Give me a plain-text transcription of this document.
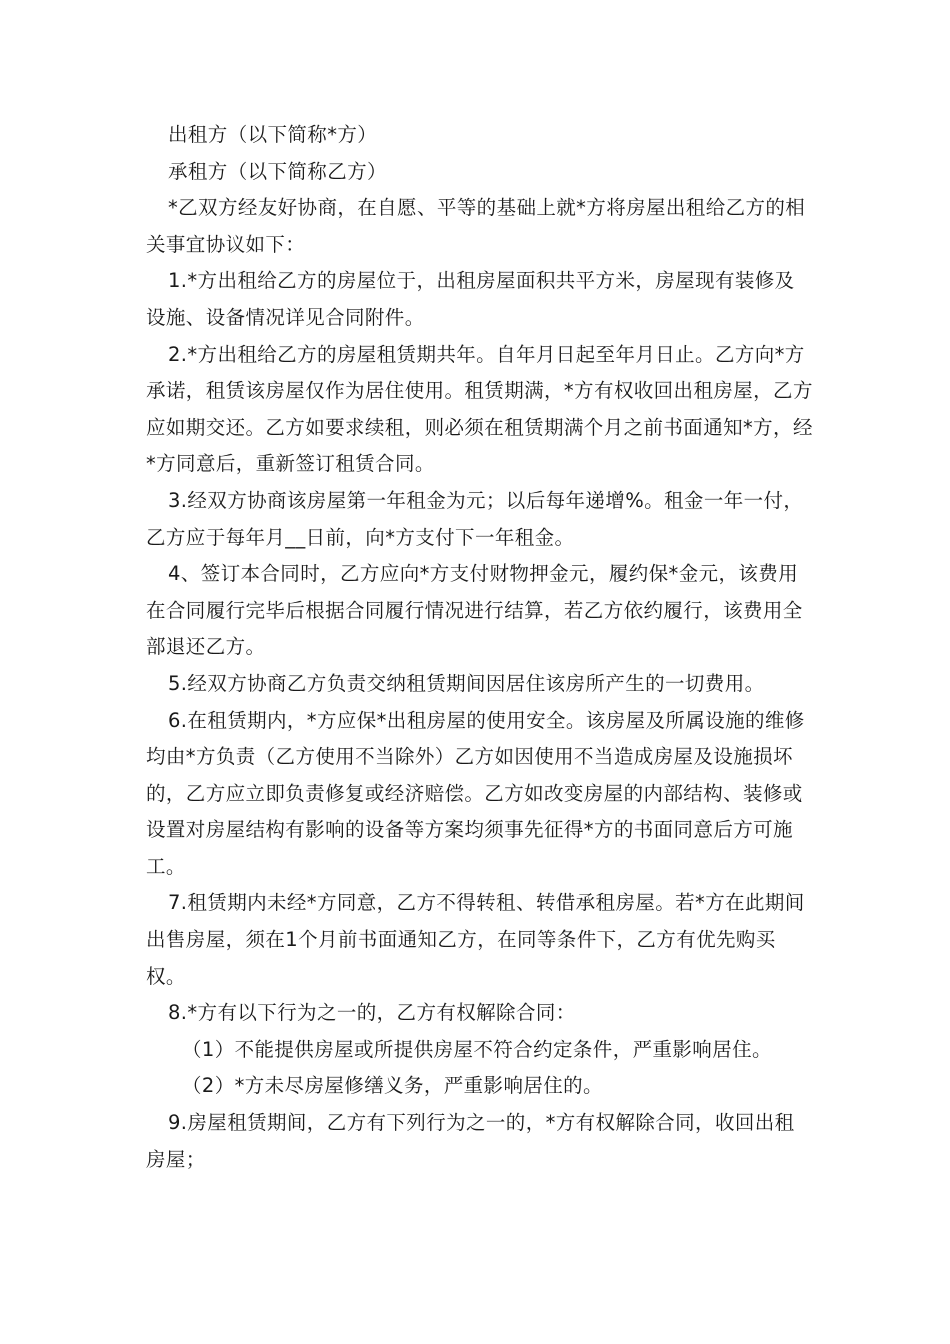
出租方（以下简称*方）

承租方（以下简称乙方）

*乙双方经友好协商，在自愿、平等的基础上就*方将房屋出租给乙方的相关事宜协议如下：

1.*方出租给乙方的房屋位于，出租房屋面积共平方米，房屋现有装修及设施、设备情况详见合同附件。

2.*方出租给乙方的房屋租赁期共年。自年月日起至年月日止。乙方向*方承诺，租赁该房屋仅作为居住使用。租赁期满，*方有权收回出租房屋，乙方应如期交还。乙方如要求续租，则必须在租赁期满个月之前书面通知*方，经*方同意后，重新签订租赁合同。

3.经双方协商该房屋第一年租金为元；以后每年递增%。租金一年一付，乙方应于每年月__日前，向*方支付下一年租金。

4、签订本合同时，乙方应向*方支付财物押金元，履约保*金元，该费用在合同履行完毕后根据合同履行情况进行结算，若乙方依约履行，该费用全部退还乙方。

5.经双方协商乙方负责交纳租赁期间因居住该房所产生的一切费用。

6.在租赁期内，*方应保*出租房屋的使用安全。该房屋及所属设施的维修均由*方负责（乙方使用不当除外）乙方如因使用不当造成房屋及设施损坏的，乙方应立即负责修复或经济赔偿。乙方如改变房屋的内部结构、装修或设置对房屋结构有影响的设备等方案均须事先征得*方的书面同意后方可施工。

7.租赁期内未经*方同意，乙方不得转租、转借承租房屋。若*方在此期间出售房屋，须在1个月前书面通知乙方，在同等条件下，乙方有优先购买权。

8.*方有以下行为之一的，乙方有权解除合同：

（1）不能提供房屋或所提供房屋不符合约定条件，严重影响居住。

（2）*方未尽房屋修缮义务，严重影响居住的。

9.房屋租赁期间，乙方有下列行为之一的，*方有权解除合同，收回出租房屋；
